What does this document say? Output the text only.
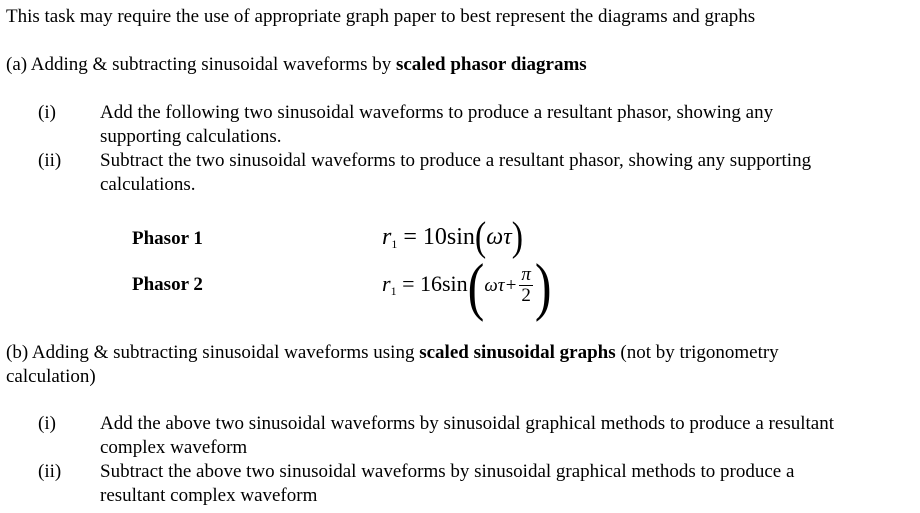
This task may require the use of appropriate graph paper to best represent the diagrams and graphs
(a) Adding & subtracting sinusoidal waveforms by scaled phasor diagrams
(i) Add the following two sinusoidal waveforms to produce a resultant phasor, showing any
supporting calculations.
(ii) Subtract the two sinusoidal waveforms to produce a resultant phasor, showing any supporting
calculations.
Phasor 1	$r_1 = 10\sin(\omega\tau)$
Phasor 2	$r_1 = 16\sin(\omega\tau+ \frac{\pi}{2}$ )
(b) Adding & subtracting sinusoidal waveforms using scaled sinusoidal graphs (not by trigonometry
calculation)
(i) Add the above two sinusoidal waveforms by sinusoidal graphical methods to produce a resultant
complex waveform
(ii) Subtract the above two sinusoidal waveforms by sinusoidal graphical methods to produce a
resultant complex waveform
